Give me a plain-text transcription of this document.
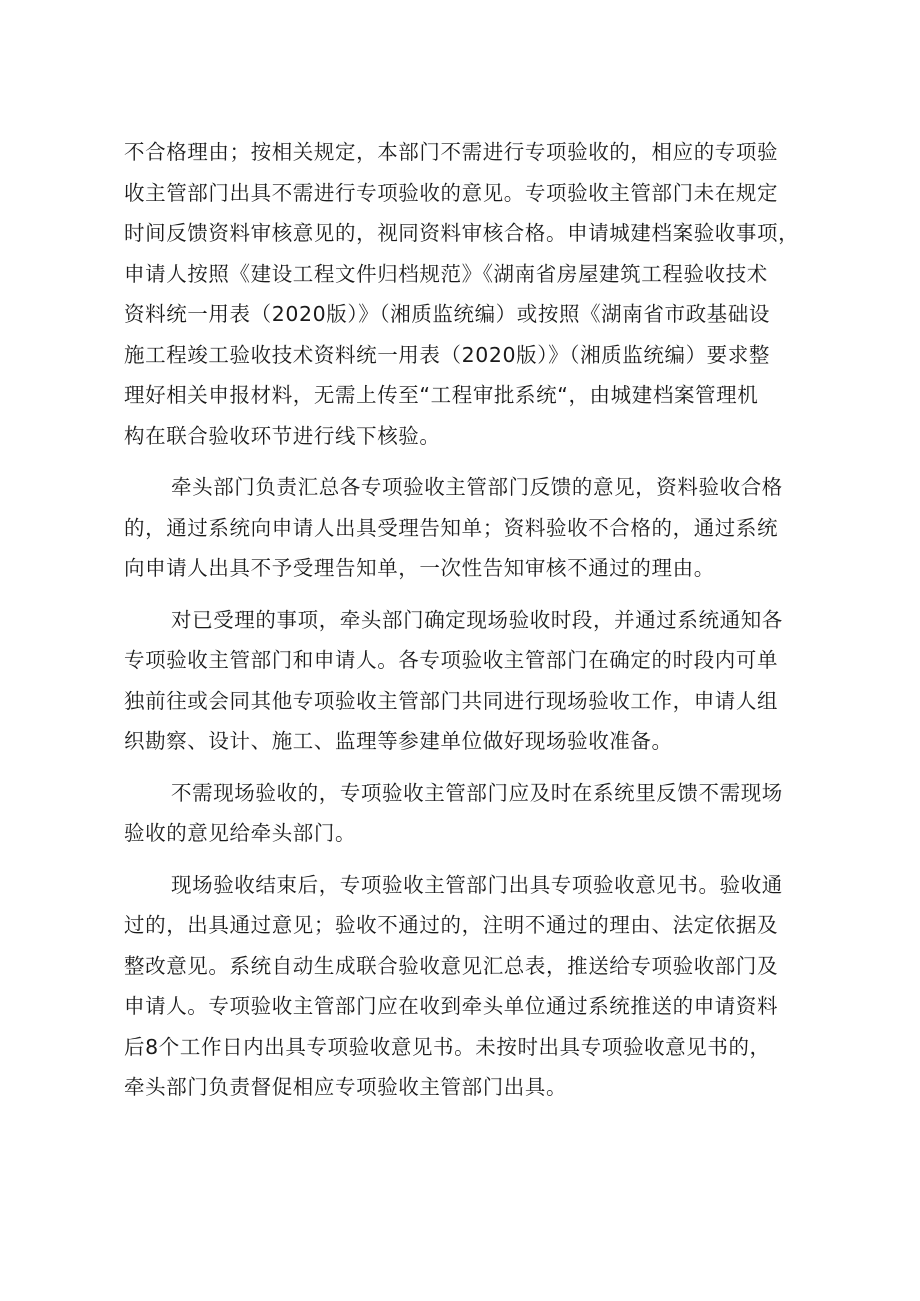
不合格理由；按相关规定，本部门不需进行专项验收的，相应的专项验
收主管部门出具不需进行专项验收的意见。专项验收主管部门未在规定
时间反馈资料审核意见的，视同资料审核合格。申请城建档案验收事项，
申请人按照《建设工程文件归档规范》《湖南省房屋建筑工程验收技术
资料统一用表（2020版）》（湘质监统编）或按照《湖南省市政基础设
施工程竣工验收技术资料统一用表（2020版）》（湘质监统编）要求整
理好相关申报材料，无需上传至“工程审批系统“，由城建档案管理机
构在联合验收环节进行线下核验。
牵头部门负责汇总各专项验收主管部门反馈的意见，资料验收合格
的，通过系统向申请人出具受理告知单；资料验收不合格的，通过系统
向申请人出具不予受理告知单，一次性告知审核不通过的理由。
对已受理的事项，牵头部门确定现场验收时段，并通过系统通知各
专项验收主管部门和申请人。各专项验收主管部门在确定的时段内可单
独前往或会同其他专项验收主管部门共同进行现场验收工作，申请人组
织勘察、设计、施工、监理等参建单位做好现场验收准备。
不需现场验收的，专项验收主管部门应及时在系统里反馈不需现场
验收的意见给牵头部门。
现场验收结束后，专项验收主管部门出具专项验收意见书。验收通
过的，出具通过意见；验收不通过的，注明不通过的理由、法定依据及
整改意见。系统自动生成联合验收意见汇总表，推送给专项验收部门及
申请人。专项验收主管部门应在收到牵头单位通过系统推送的申请资料
后8个工作日内出具专项验收意见书。未按时出具专项验收意见书的，
牵头部门负责督促相应专项验收主管部门出具。
